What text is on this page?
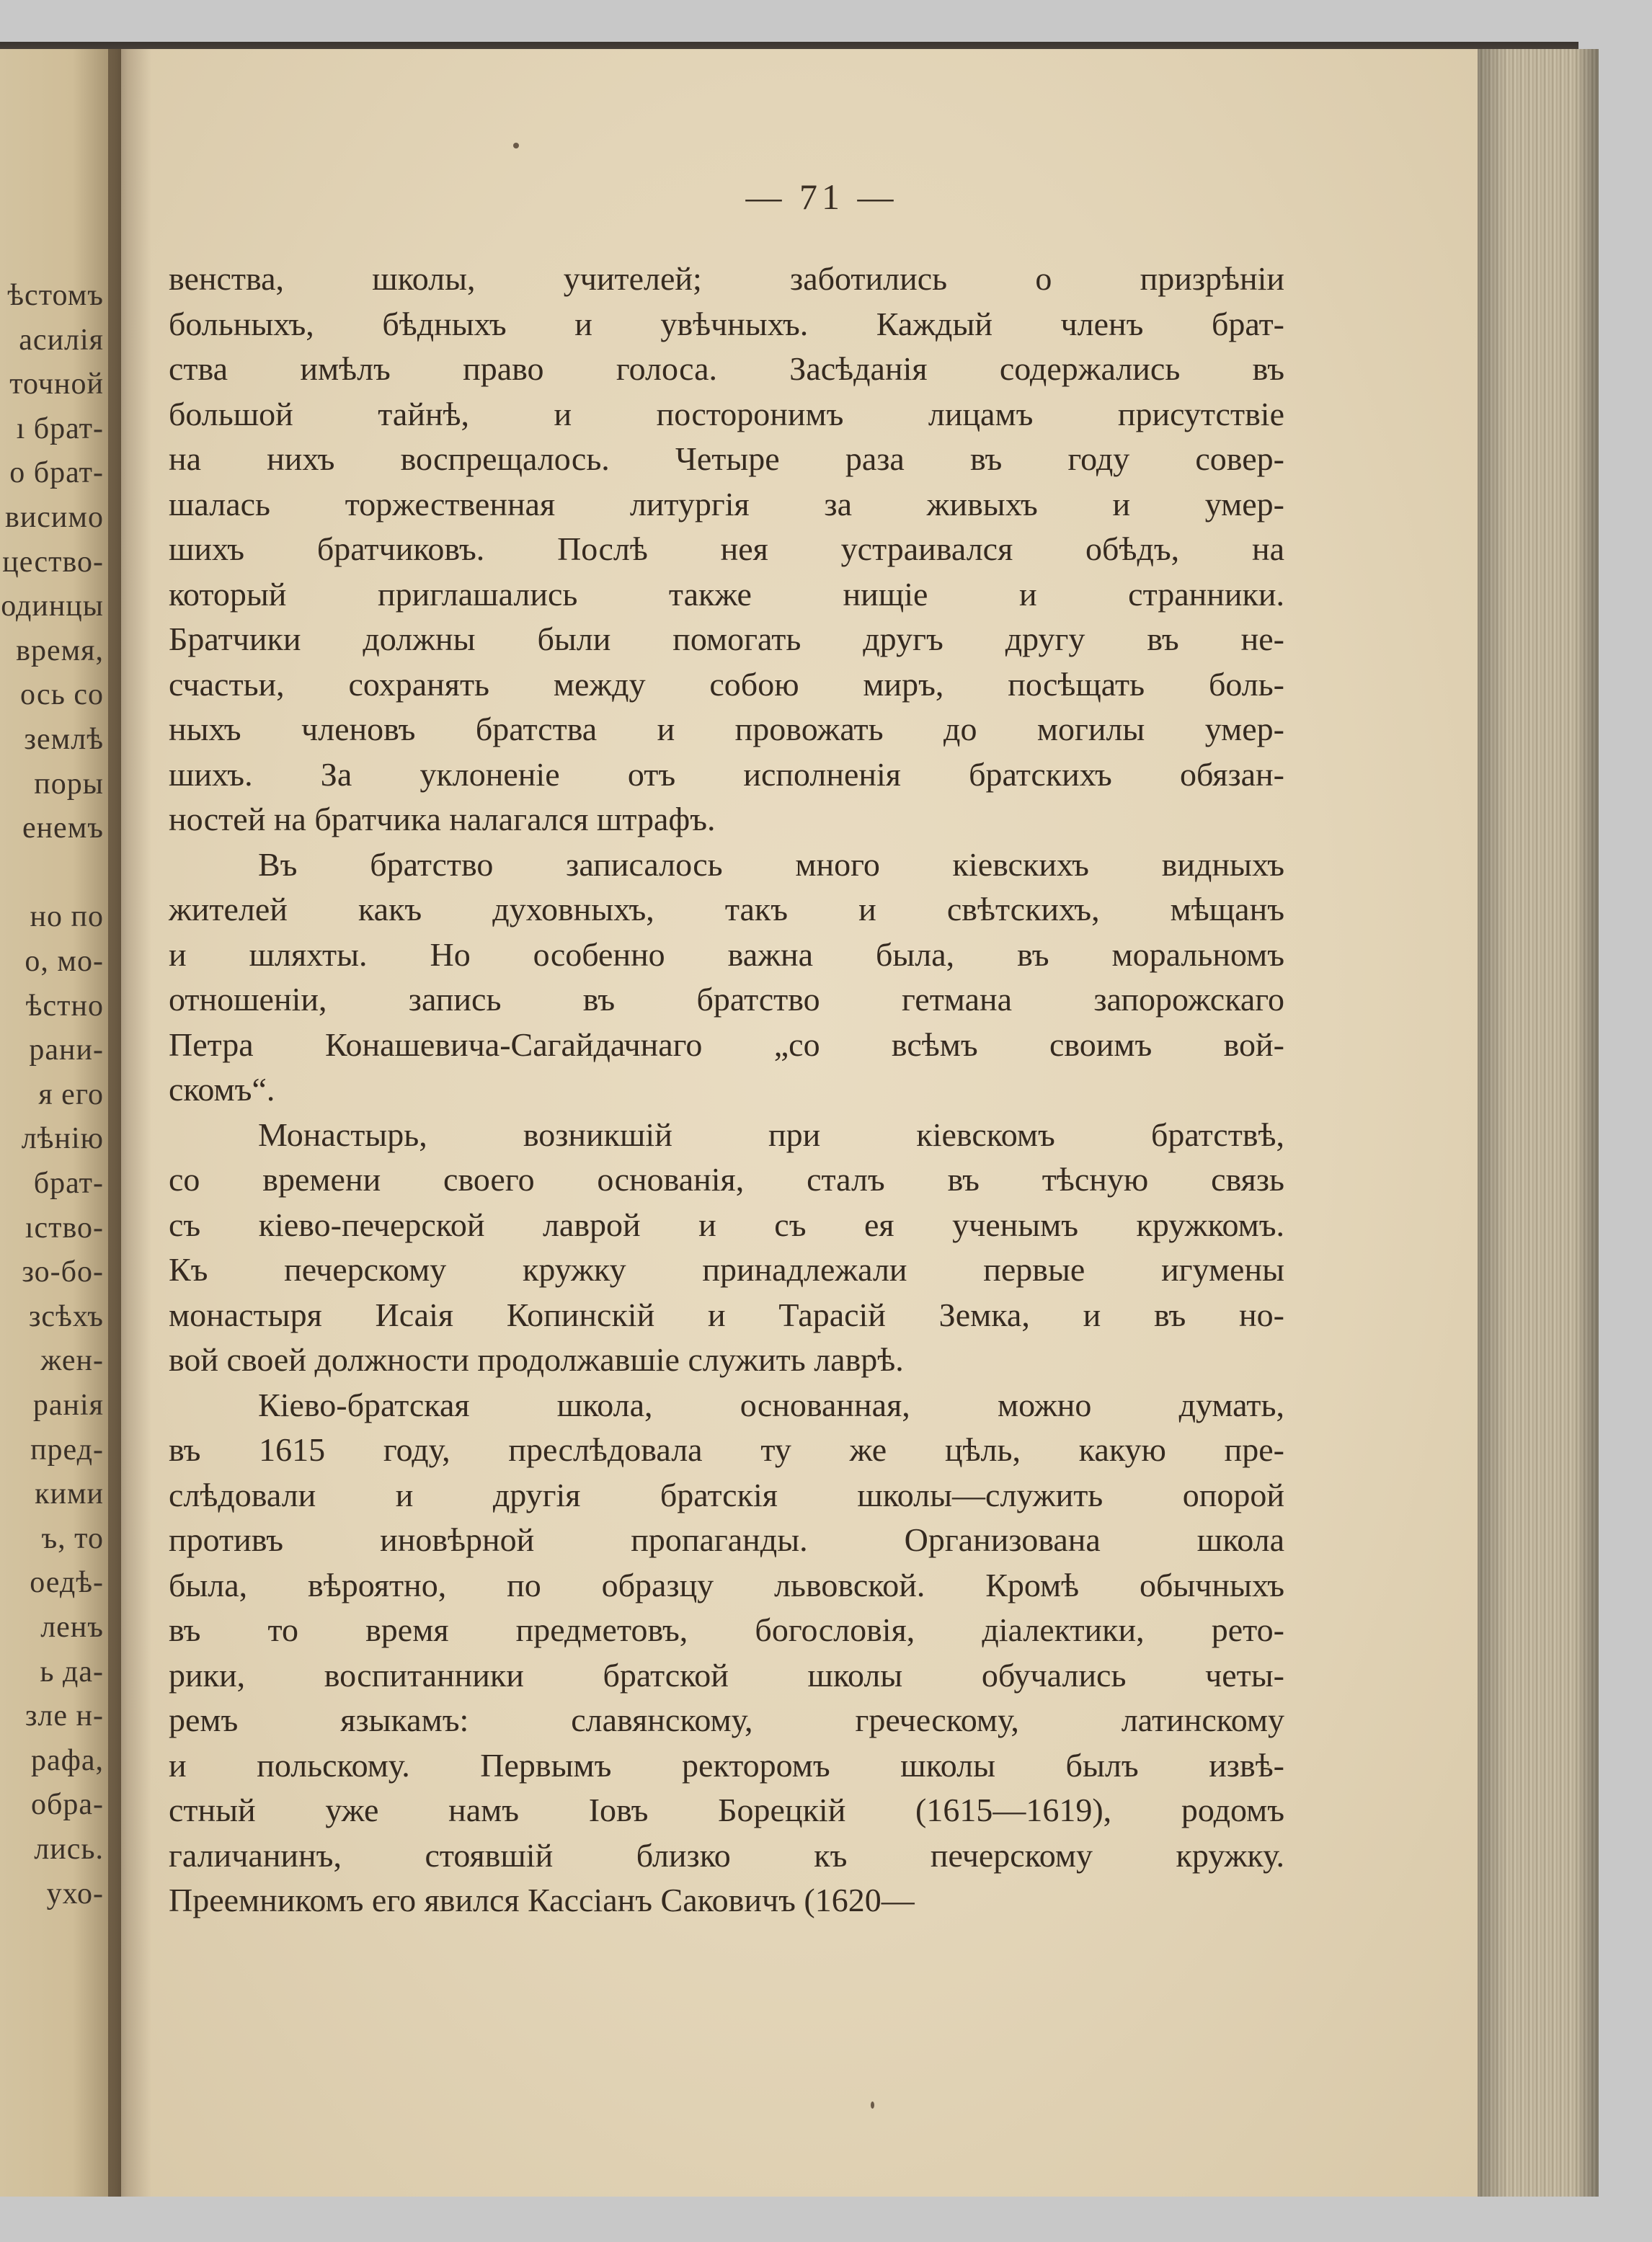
ѣстомъ
асилія
точной
ı брат-
о брат-
висимо
цество-
одинцы
время,
ось со
землѣ
поры
енемъ
но по
о, мо-
ѣстно
рани-
я его
лѣнію
брат-
ıство-
зо-бо-
зсѣхъ
жен-
ранія
пред-
кими
ъ, то
оедѣ-
ленъ
ь да-
зле н-
рафа,
обра-
лись.
ухо-
— 71 —
венства, школы, учителей; заботились о призрѣніи
больныхъ, бѣдныхъ и увѣчныхъ. Каждый членъ брат-
ства имѣлъ право голоса. Засѣданія содержались въ
большой тайнѣ, и посторонимъ лицамъ присутствіе
на нихъ воспрещалось. Четыре раза въ году совер-
шалась торжественная литургія за живыхъ и умер-
шихъ братчиковъ. Послѣ нея устраивался обѣдъ, на
который приглашались также нищіе и странники.
Братчики должны были помогать другъ другу въ не-
счастьи, сохранять между собою миръ, посѣщать боль-
ныхъ членовъ братства и провожать до могилы умер-
шихъ. За уклоненіе отъ исполненія братскихъ обязан-
ностей на братчика налагался штрафъ.
Въ братство записалось много кіевскихъ видныхъ
жителей какъ духовныхъ, такъ и свѣтскихъ, мѣщанъ
и шляхты. Но особенно важна была, въ моральномъ
отношеніи, запись въ братство гетмана запорожскаго
Петра Конашевича-Сагайдачнаго „со всѣмъ своимъ вой-
скомъ“.
Монастырь, возникшій при кіевскомъ братствѣ,
со времени своего основанія, сталъ въ тѣсную связь
съ кіево-печерской лаврой и съ ея ученымъ кружкомъ.
Къ печерскому кружку принадлежали первые игумены
монастыря Исаія Копинскій и Тарасій Земка, и въ но-
вой своей должности продолжавшіе служить лаврѣ.
Кіево-братская школа, основанная, можно думать,
въ 1615 году, преслѣдовала ту же цѣль, какую пре-
слѣдовали и другія братскія школы—служить опорой
противъ иновѣрной пропаганды. Организована школа
была, вѣроятно, по образцу львовской. Кромѣ обычныхъ
въ то время предметовъ, богословія, діалектики, рето-
рики, воспитанники братской школы обучались четы-
ремъ языкамъ: славянскому, греческому, латинскому
и польскому. Первымъ ректоромъ школы былъ извѣ-
стный уже намъ Іовъ Борецкій (1615—1619), родомъ
галичанинъ, стоявшій близко къ печерскому кружку.
Преемникомъ его явился Кассіанъ Саковичъ (1620—
